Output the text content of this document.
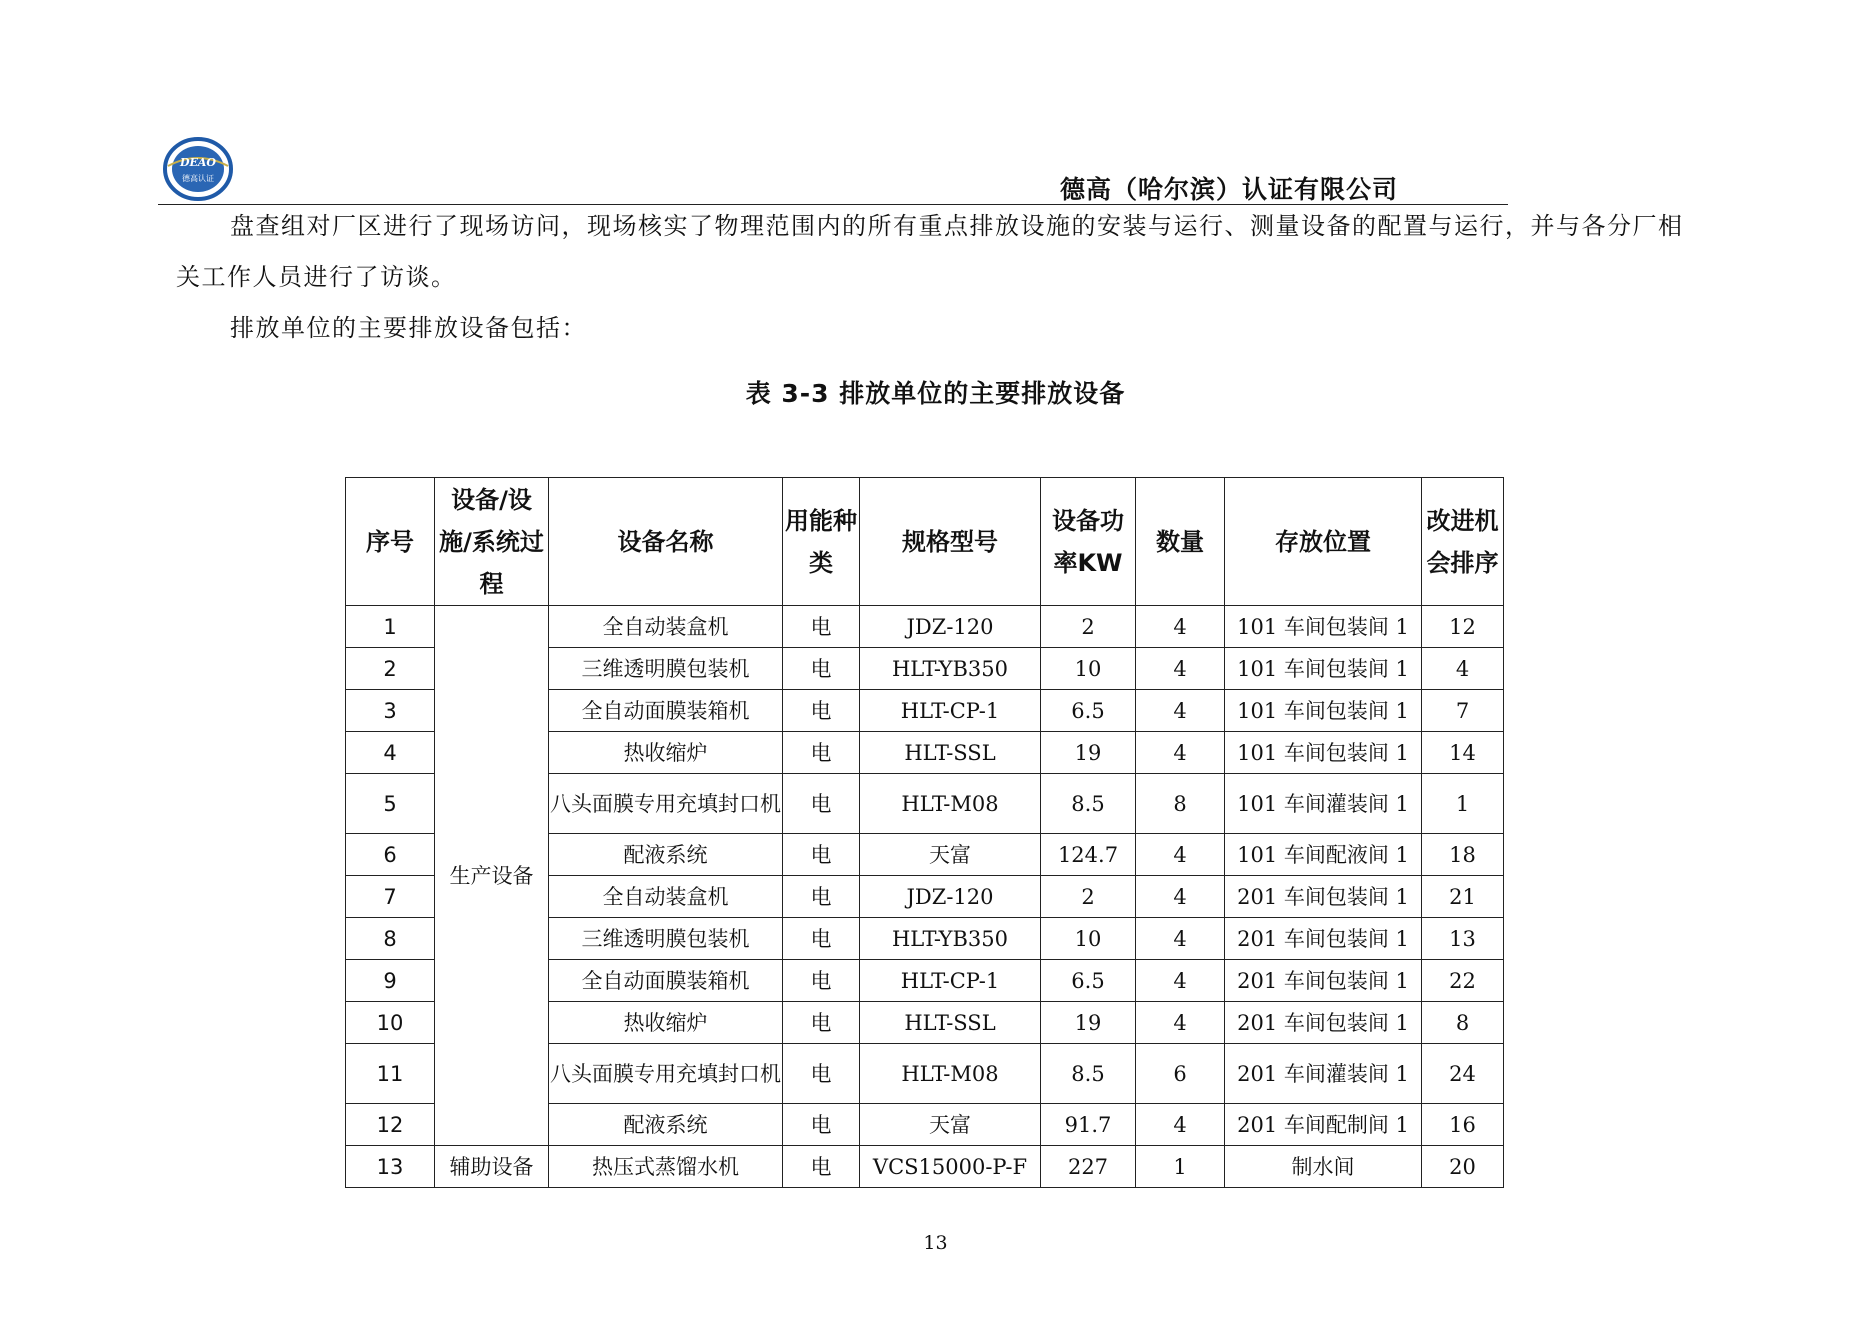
DEAO
德高认证	德高（哈尔滨）认证有限公司

盘查组对厂区进行了现场访问，现场核实了物理范围内的所有重点排放设施的安装与运行、测量设备的配置与运行，并与各分厂相关工作人员进行了访谈。

排放单位的主要排放设备包括：

表 3-3 排放单位的主要排放设备
序号	设备/设施/系统过程	设备名称	用能种类	规格型号	设备功率KW	数量	存放位置	改进机会排序
1	生产设备	全自动装盒机	电	JDZ-120	2	4	101 车间包装间 1	12
2		三维透明膜包装机	电	HLT-YB350	10	4	101 车间包装间 1	4
3		全自动面膜装箱机	电	HLT-CP-1	6.5	4	101 车间包装间 1	7
4		热收缩炉	电	HLT-SSL	19	4	101 车间包装间 1	14
5		八头面膜专用充填封口机	电	HLT-M08	8.5	8	101 车间灌装间 1	1
6		配液系统	电	天富	124.7	4	101 车间配液间 1	18
7		全自动装盒机	电	JDZ-120	2	4	201 车间包装间 1	21
8		三维透明膜包装机	电	HLT-YB350	10	4	201 车间包装间 1	13
9		全自动面膜装箱机	电	HLT-CP-1	6.5	4	201 车间包装间 1	22
10		热收缩炉	电	HLT-SSL	19	4	201 车间包装间 1	8
11		八头面膜专用充填封口机	电	HLT-M08	8.5	6	201 车间灌装间 1	24
12		配液系统	电	天富	91.7	4	201 车间配制间 1	16
13	辅助设备	热压式蒸馏水机	电	VCS15000-P-F	227	1	制水间	20
13
